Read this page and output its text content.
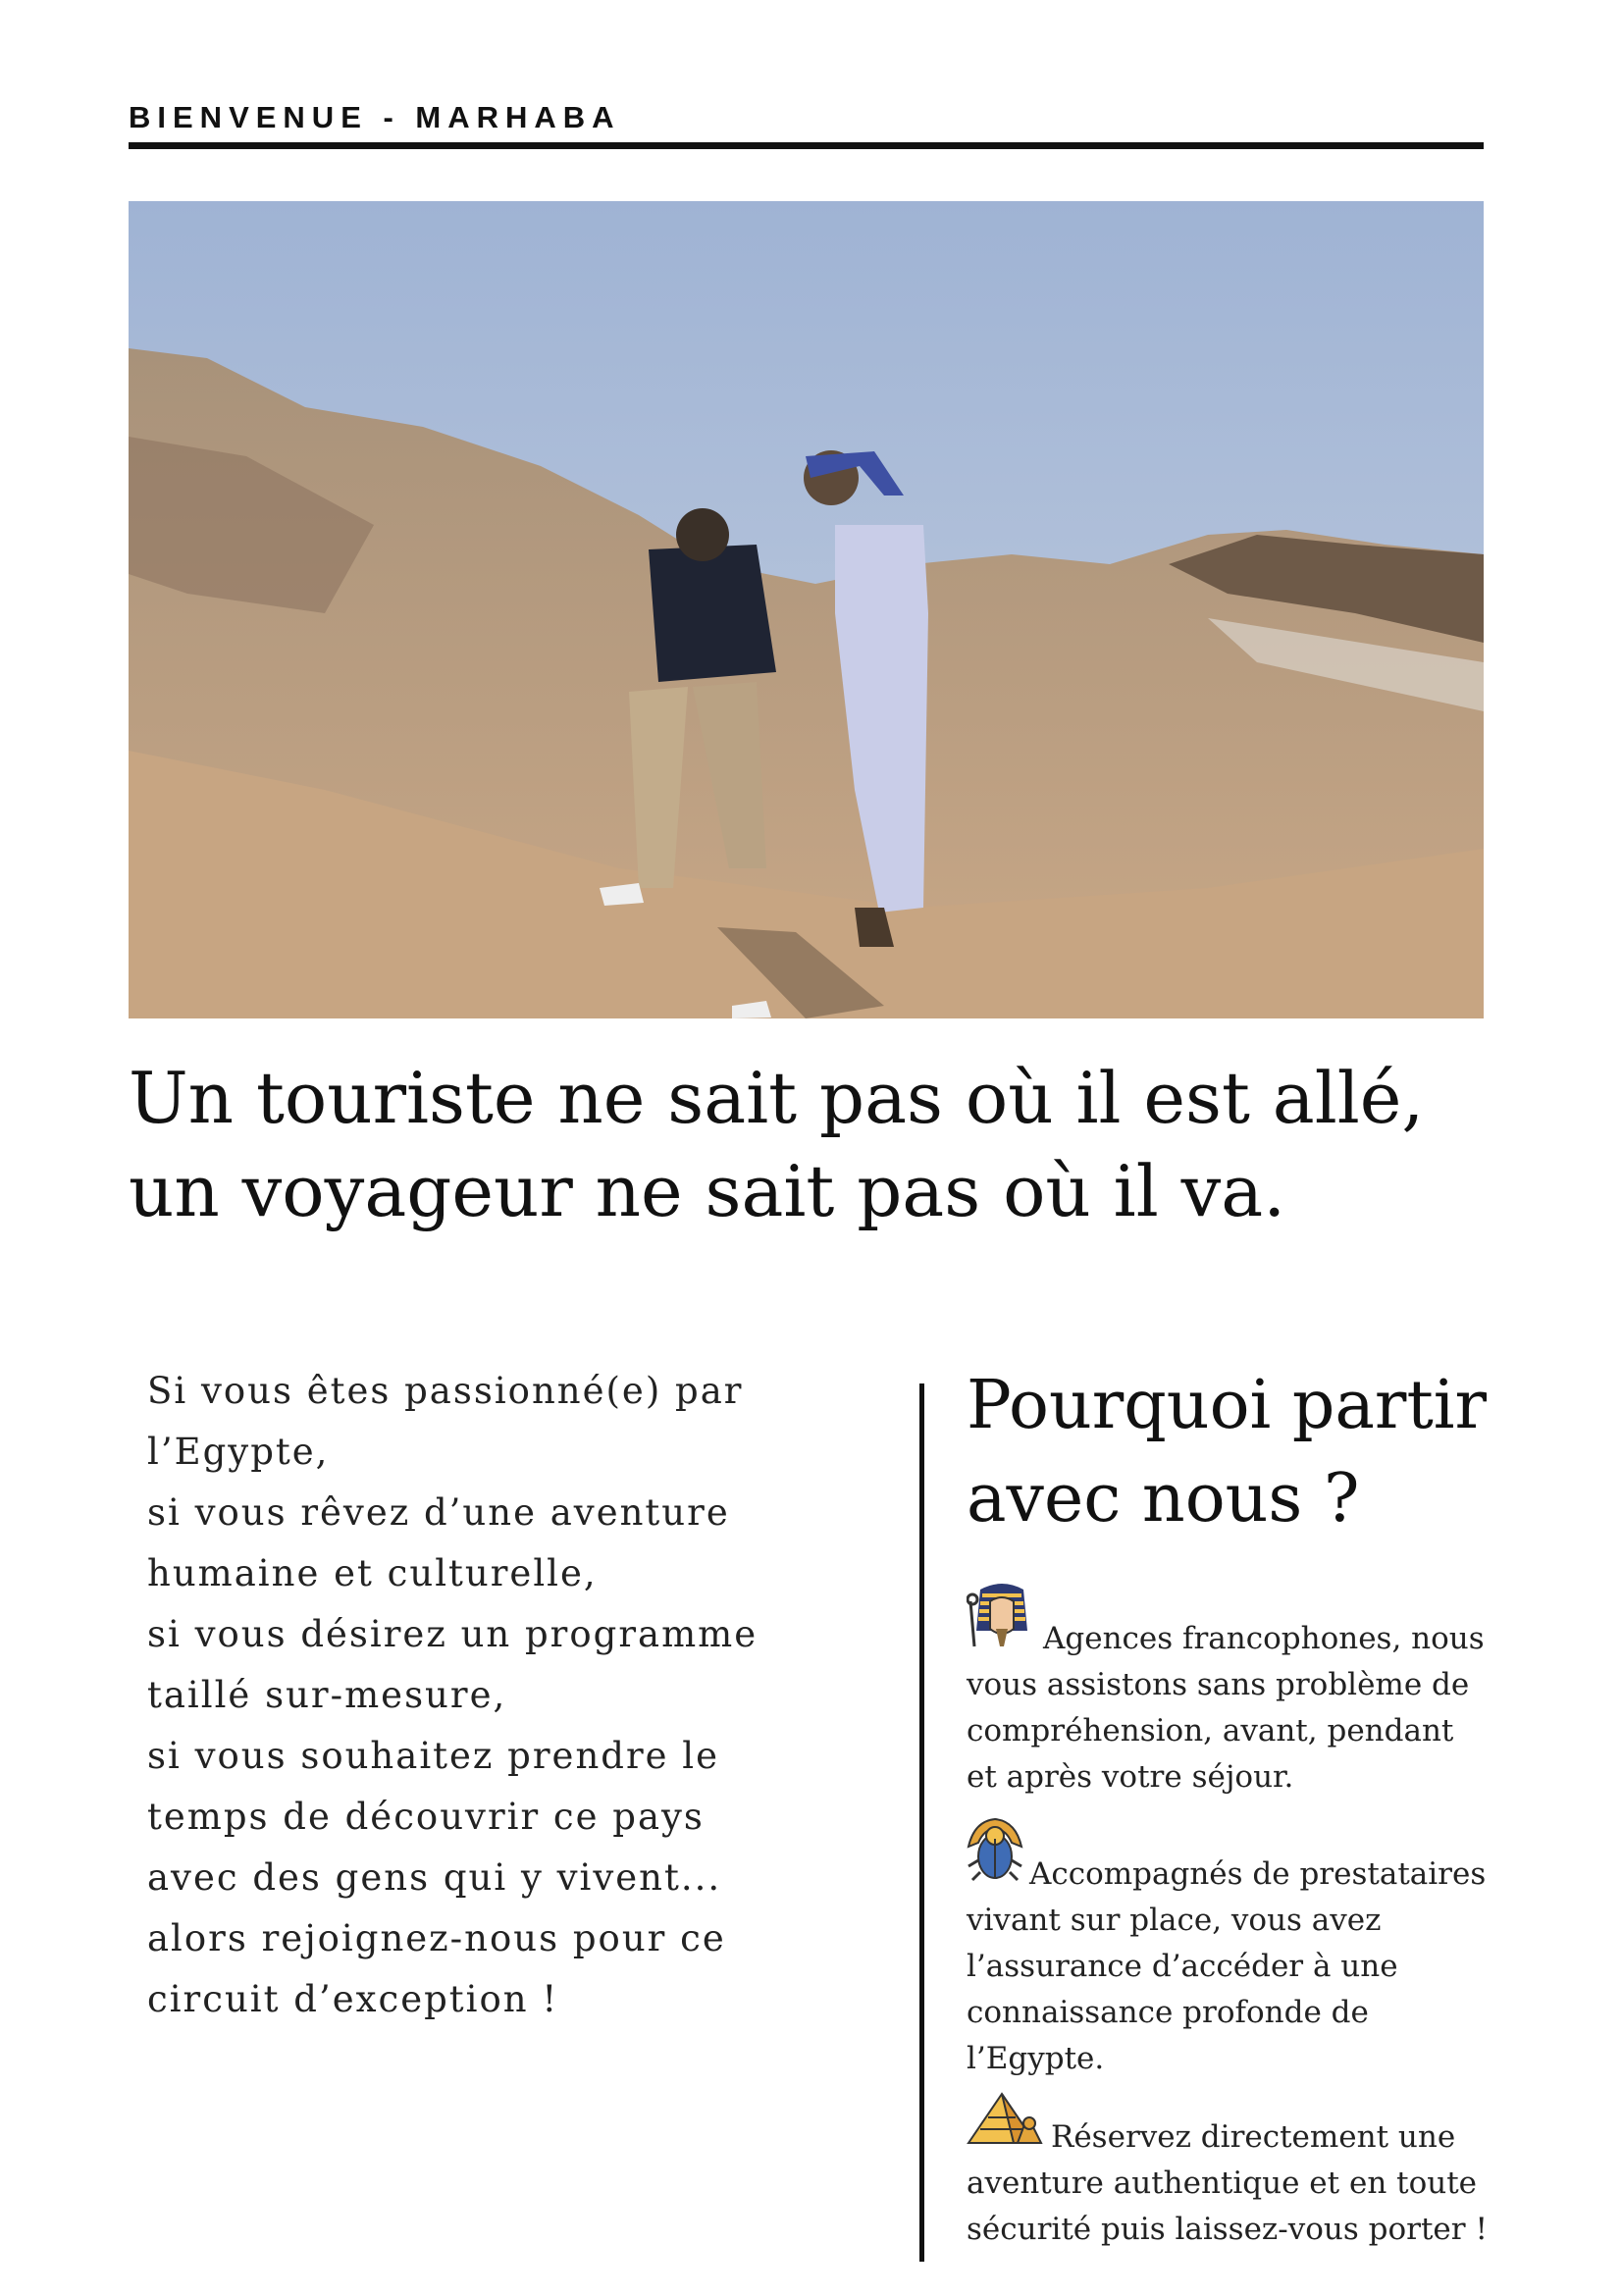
BIENVENUE - MARHABA
Un touriste ne sait pas où il est allé,
un voyageur ne sait pas où il va.
Si vous êtes passionné(e) par
l’Egypte,
si vous rêvez d’une aventure
humaine et culturelle,
si vous désirez un programme
taillé sur-mesure,
si vous souhaitez prendre le
temps de découvrir ce pays
avec des gens qui y vivent...
alors rejoignez-nous pour ce
circuit d’exception !
Pourquoi partir
avec nous ?
Agences francophones, nous
vous assistons sans problème de
compréhension, avant, pendant
et après votre séjour.
Accompagnés de prestataires
vivant sur place, vous avez
l’assurance d’accéder à une
connaissance profonde de
l’Egypte.
Réservez directement une
aventure authentique et en toute
sécurité puis laissez-vous porter !
